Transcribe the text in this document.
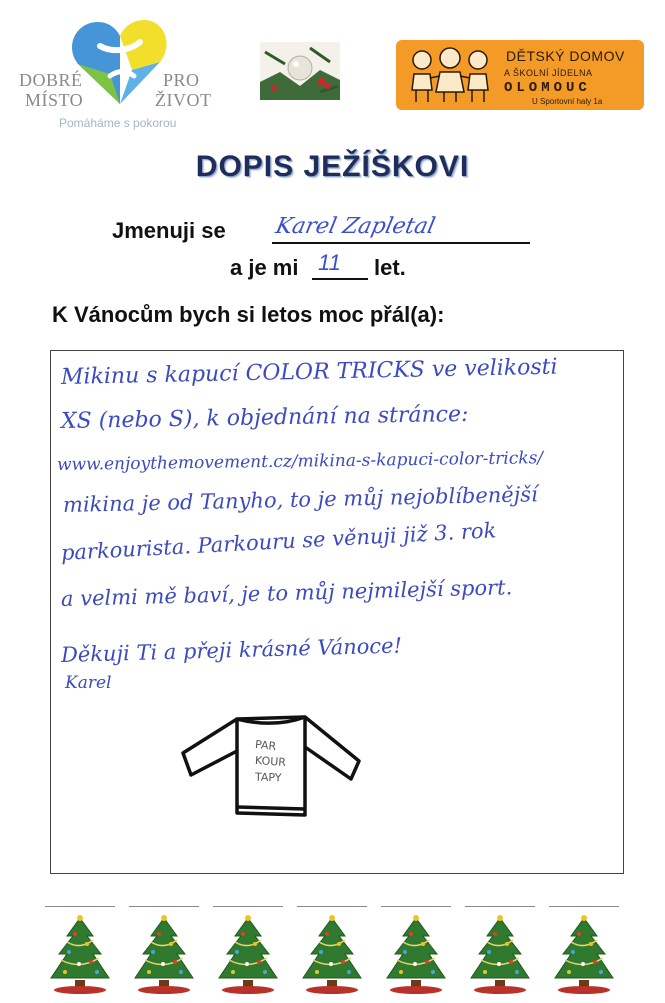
DOBRÉ
MÍSTO
PRO
ŽIVOT
Pomáháme s pokorou
DĚTSKÝ DOMOV
A ŠKOLNÍ JÍDELNA
OLOMOUC
U Sportovní haly 1a
DOPIS JEŽÍŠKOVI
Jmenuji se Karel Zapletal
a je mi 11 let.
K Vánocům bych si letos moc přál(a):
Mikinu s kapucí COLOR TRICKS ve velikosti
XS (nebo S), k objednání na stránce:
www.enjoythemovement.cz/mikina-s-kapuci-color-tricks/
mikina je od Tanyho, to je můj nejoblíbenější
parkourista. Parkouru se věnuji již 3. rok
a velmi mě baví, je to můj nejmilejší sport.
Děkuji Ti a přeji krásné Vánoce!
Karel
PAR
KOUR
TAPY
